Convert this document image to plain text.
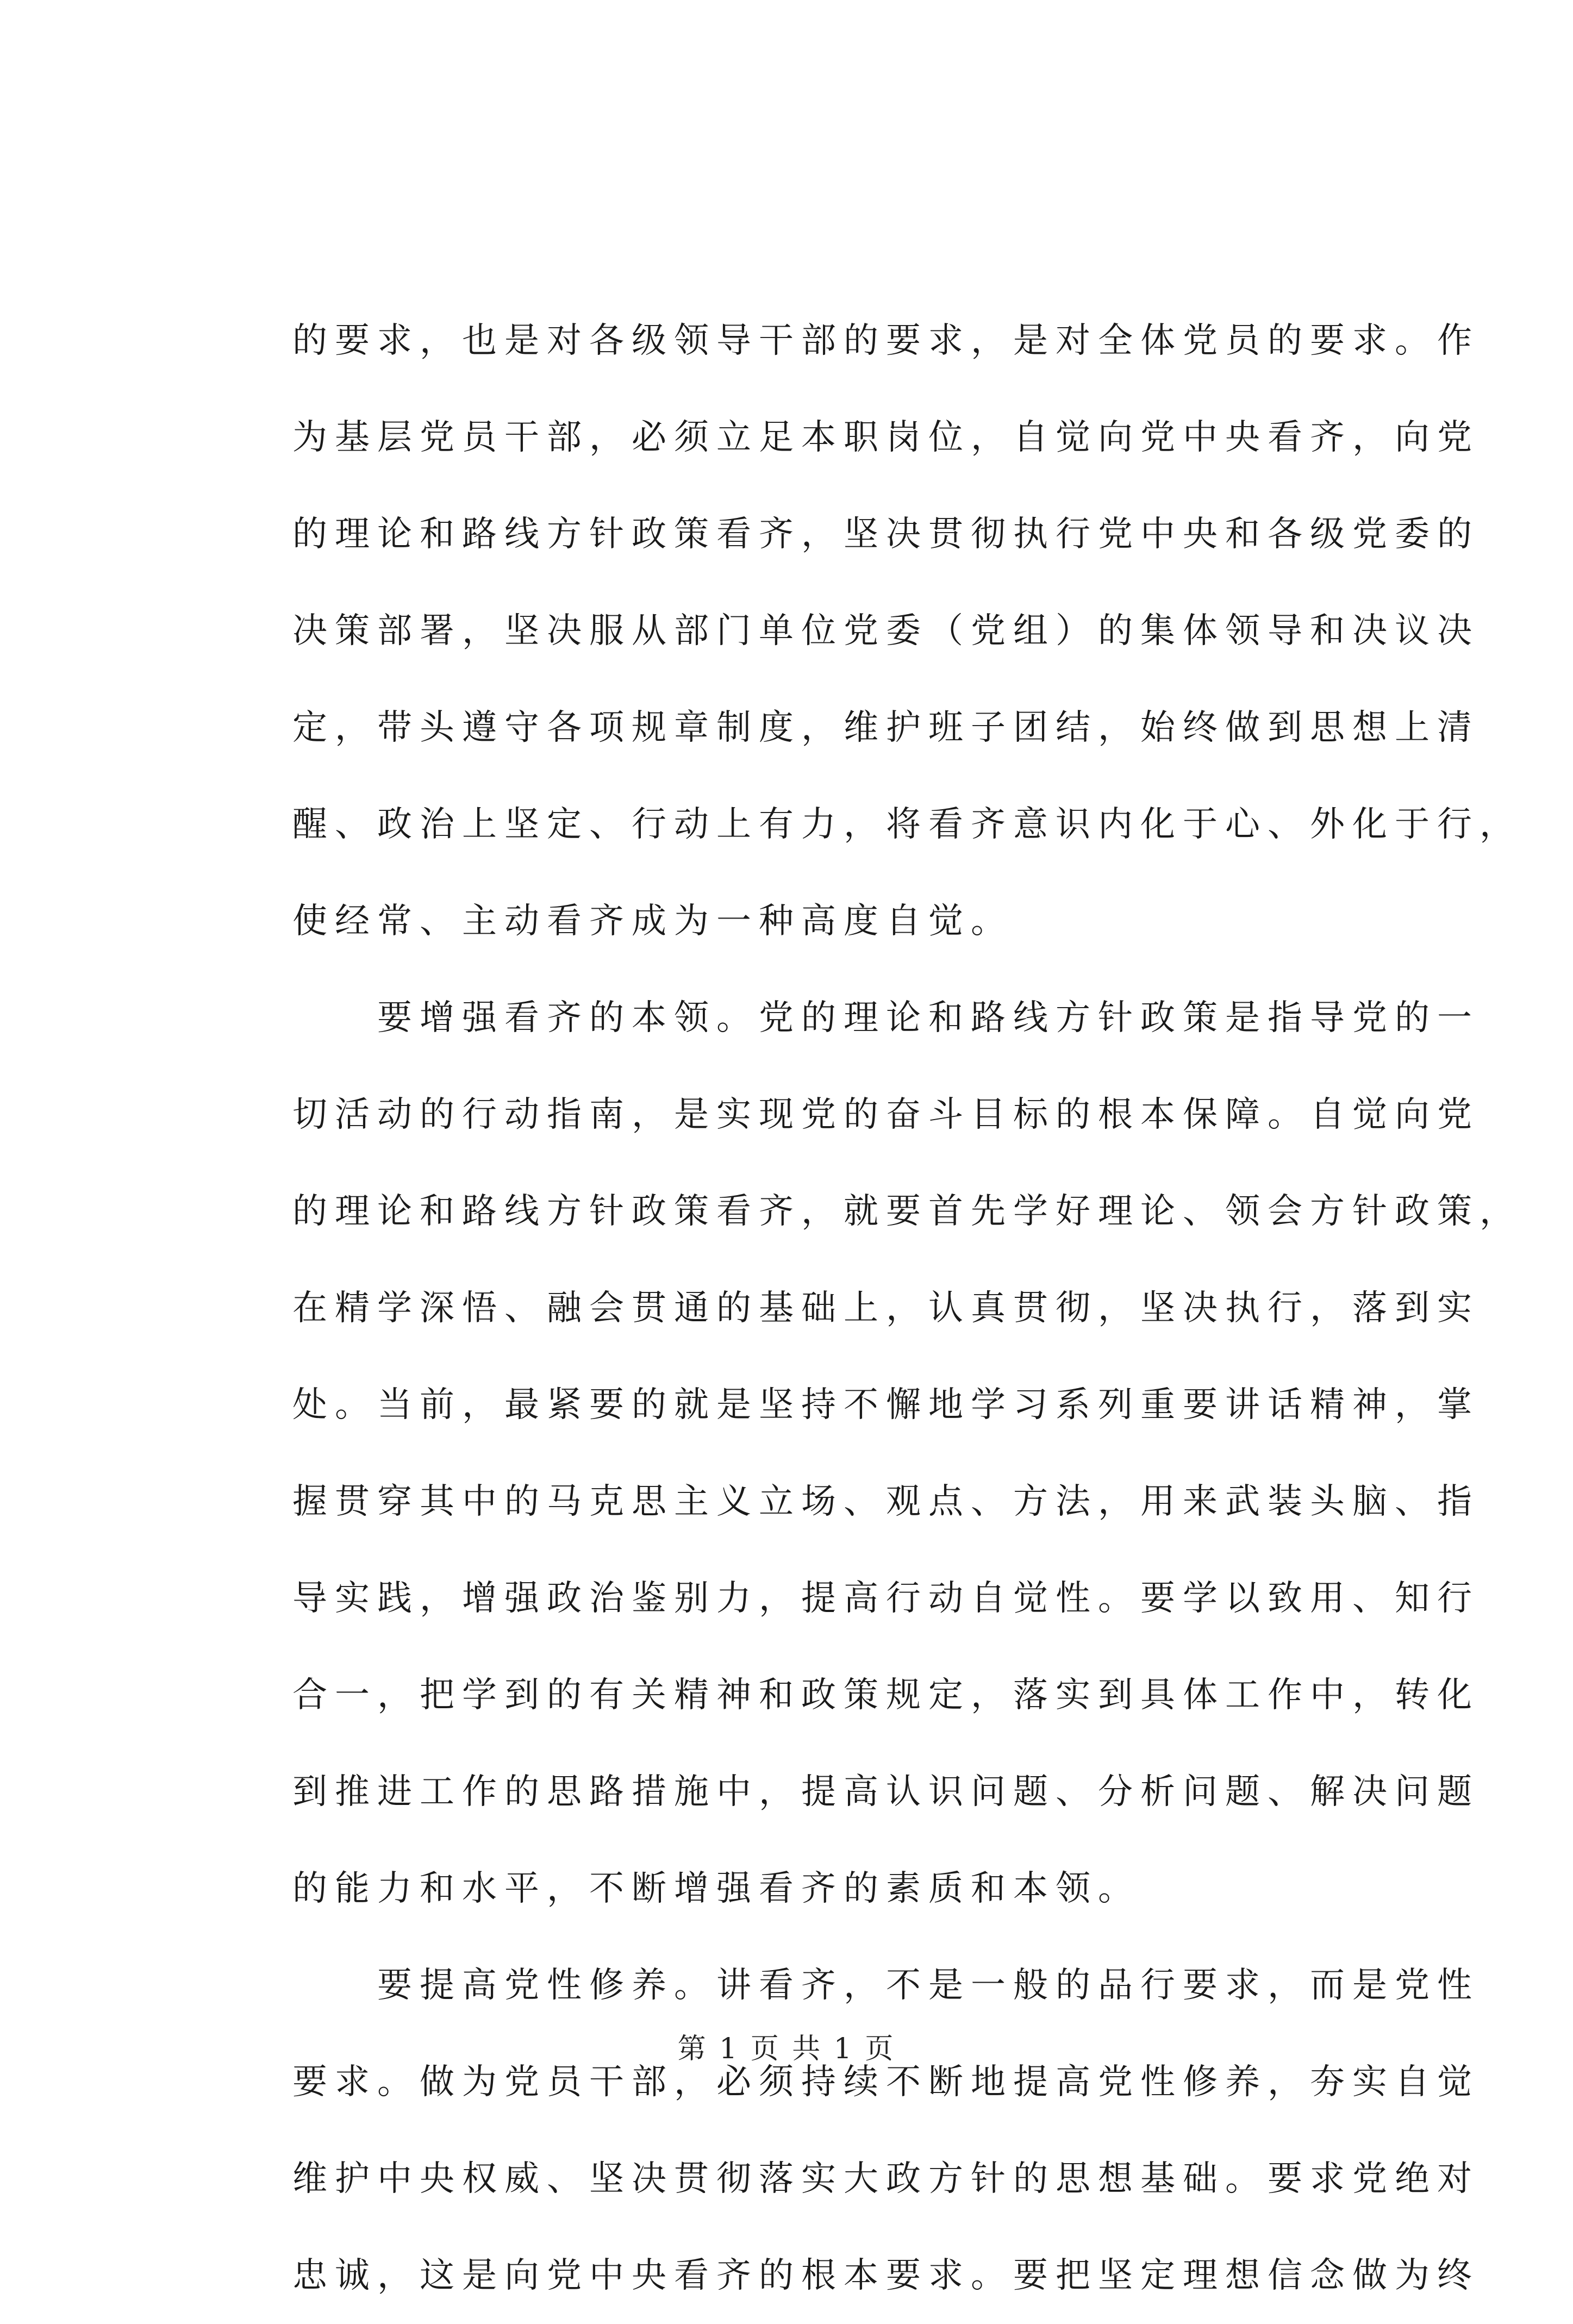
的要求，也是对各级领导干部的要求，是对全体党员的要求。作
为基层党员干部，必须立足本职岗位，自觉向党中央看齐，向党
的理论和路线方针政策看齐，坚决贯彻执行党中央和各级党委的
决策部署，坚决服从部门单位党委（党组）的集体领导和决议决
定，带头遵守各项规章制度，维护班子团结，始终做到思想上清
醒、政治上坚定、行动上有力，将看齐意识内化于心、外化于行，
使经常、主动看齐成为一种高度自觉。
　　要增强看齐的本领。党的理论和路线方针政策是指导党的一
切活动的行动指南，是实现党的奋斗目标的根本保障。自觉向党
的理论和路线方针政策看齐，就要首先学好理论、领会方针政策，
在精学深悟、融会贯通的基础上，认真贯彻，坚决执行，落到实
处。当前，最紧要的就是坚持不懈地学习系列重要讲话精神，掌
握贯穿其中的马克思主义立场、观点、方法，用来武装头脑、指
导实践，增强政治鉴别力，提高行动自觉性。要学以致用、知行
合一，把学到的有关精神和政策规定，落实到具体工作中，转化
到推进工作的思路措施中，提高认识问题、分析问题、解决问题
的能力和水平，不断增强看齐的素质和本领。
　　要提高党性修养。讲看齐，不是一般的品行要求，而是党性
要求。做为党员干部，必须持续不断地提高党性修养，夯实自觉
维护中央权威、坚决贯彻落实大政方针的思想基础。要求党绝对
忠诚，这是向党中央看齐的根本要求。要把坚定理想信念做为终
第 1 页 共 1 页
